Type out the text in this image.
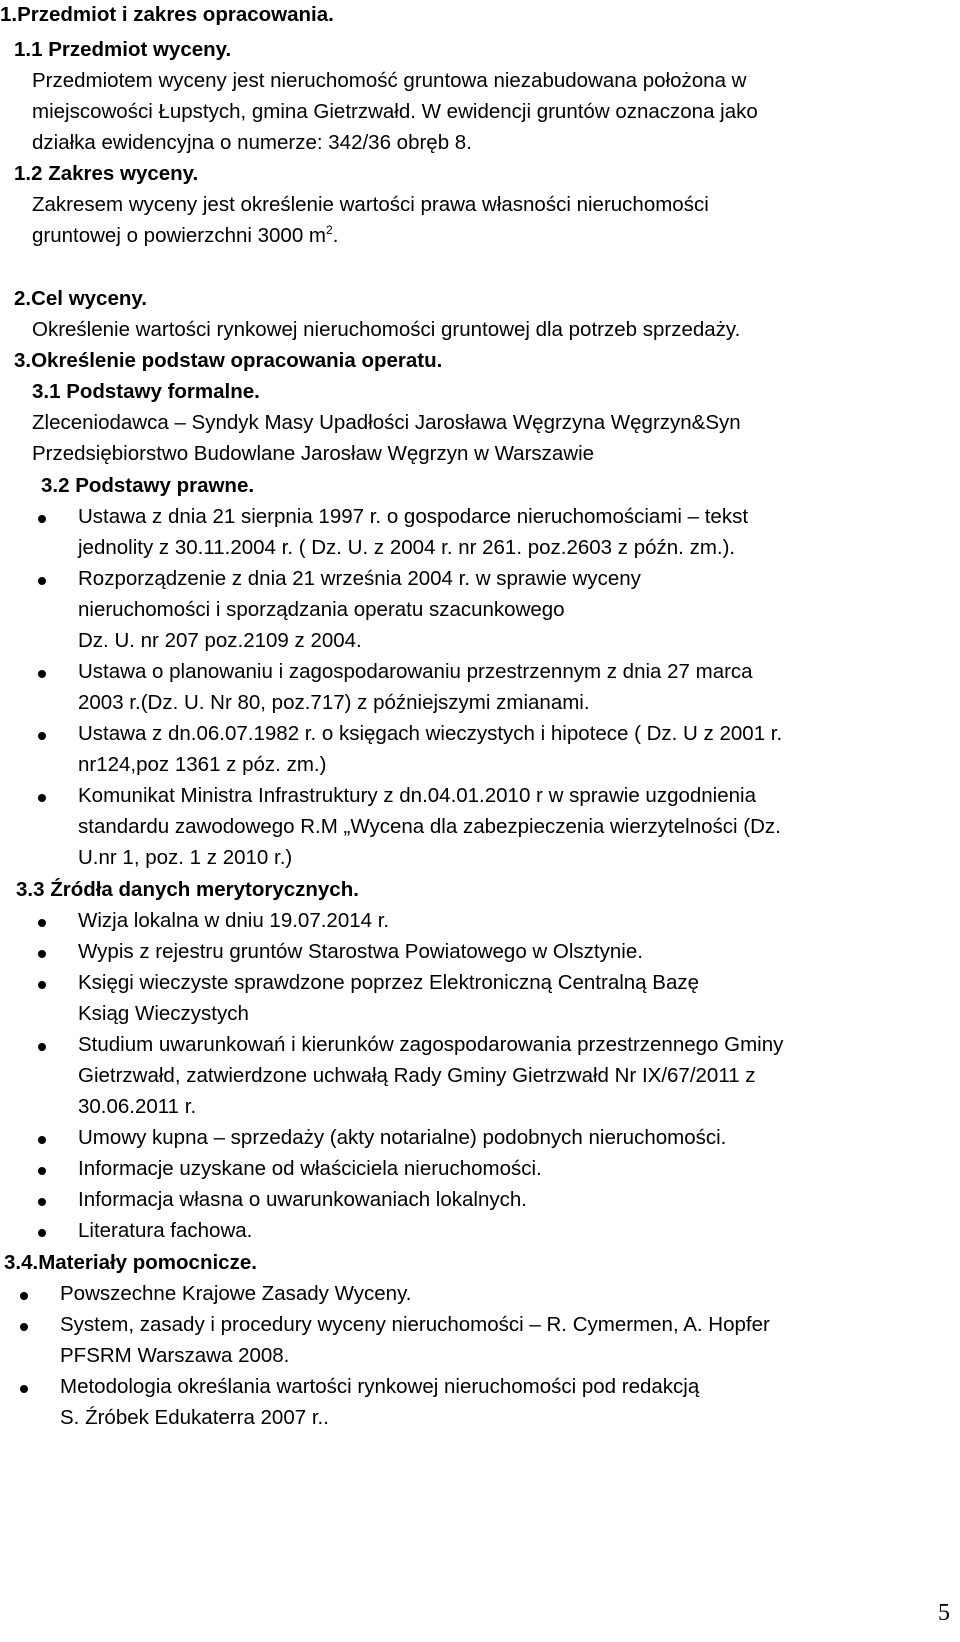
1.Przedmiot i zakres opracowania.
1.1 Przedmiot wyceny.
Przedmiotem wyceny jest nieruchomość gruntowa niezabudowana położona w
miejscowości Łupstych, gmina Gietrzwałd. W ewidencji gruntów oznaczona jako
działka ewidencyjna o numerze: 342/36 obręb 8.
1.2 Zakres wyceny.
Zakresem wyceny jest określenie wartości prawa własności nieruchomości
gruntowej o powierzchni 3000 $m^2$.
2.Cel wyceny.
Określenie wartości rynkowej nieruchomości gruntowej dla potrzeb sprzedaży.
3.Określenie podstaw opracowania operatu.
3.1 Podstawy formalne.
Zleceniodawca – Syndyk Masy Upadłości Jarosława Węgrzyna Węgrzyn&Syn
Przedsiębiorstwo Budowlane Jarosław Węgrzyn w Warszawie
3.2 Podstawy prawne.
Ustawa z dnia 21 sierpnia 1997 r. o gospodarce nieruchomościami – tekst
jednolity z 30.11.2004 r. ( Dz. U. z 2004 r. nr 261. poz.2603 z późn. zm.).
Rozporządzenie z dnia 21 września 2004 r. w sprawie wyceny
nieruchomości i sporządzania operatu szacunkowego
Dz. U. nr 207 poz.2109 z 2004.
Ustawa o planowaniu i zagospodarowaniu przestrzennym z dnia 27 marca
2003 r.(Dz. U. Nr 80, poz.717) z późniejszymi zmianami.
Ustawa z dn.06.07.1982 r. o księgach wieczystych i hipotece ( Dz. U z 2001 r.
nr124,poz 1361 z póz. zm.)
Komunikat Ministra Infrastruktury z dn.04.01.2010 r w sprawie uzgodnienia
standardu zawodowego R.M „Wycena dla zabezpieczenia wierzytelności (Dz.
U.nr 1, poz. 1 z 2010 r.)
3.3 Źródła danych merytorycznych.
Wizja lokalna w dniu 19.07.2014 r.
Wypis z rejestru gruntów Starostwa Powiatowego w Olsztynie.
Księgi wieczyste sprawdzone poprzez Elektroniczną Centralną Bazę
Ksiąg Wieczystych
Studium uwarunkowań i kierunków zagospodarowania przestrzennego Gminy
Gietrzwałd, zatwierdzone uchwałą Rady Gminy Gietrzwałd Nr IX/67/2011 z
30.06.2011 r.
Umowy kupna – sprzedaży (akty notarialne) podobnych nieruchomości.
Informacje uzyskane od właściciela nieruchomości.
Informacja własna o uwarunkowaniach lokalnych.
Literatura fachowa.
3.4.Materiały pomocnicze.
Powszechne Krajowe Zasady Wyceny.
System, zasady i procedury wyceny nieruchomości – R. Cymermen, A. Hopfer
PFSRM Warszawa 2008.
Metodologia określania wartości rynkowej nieruchomości pod redakcją
S. Źróbek Edukaterra 2007 r..
5
